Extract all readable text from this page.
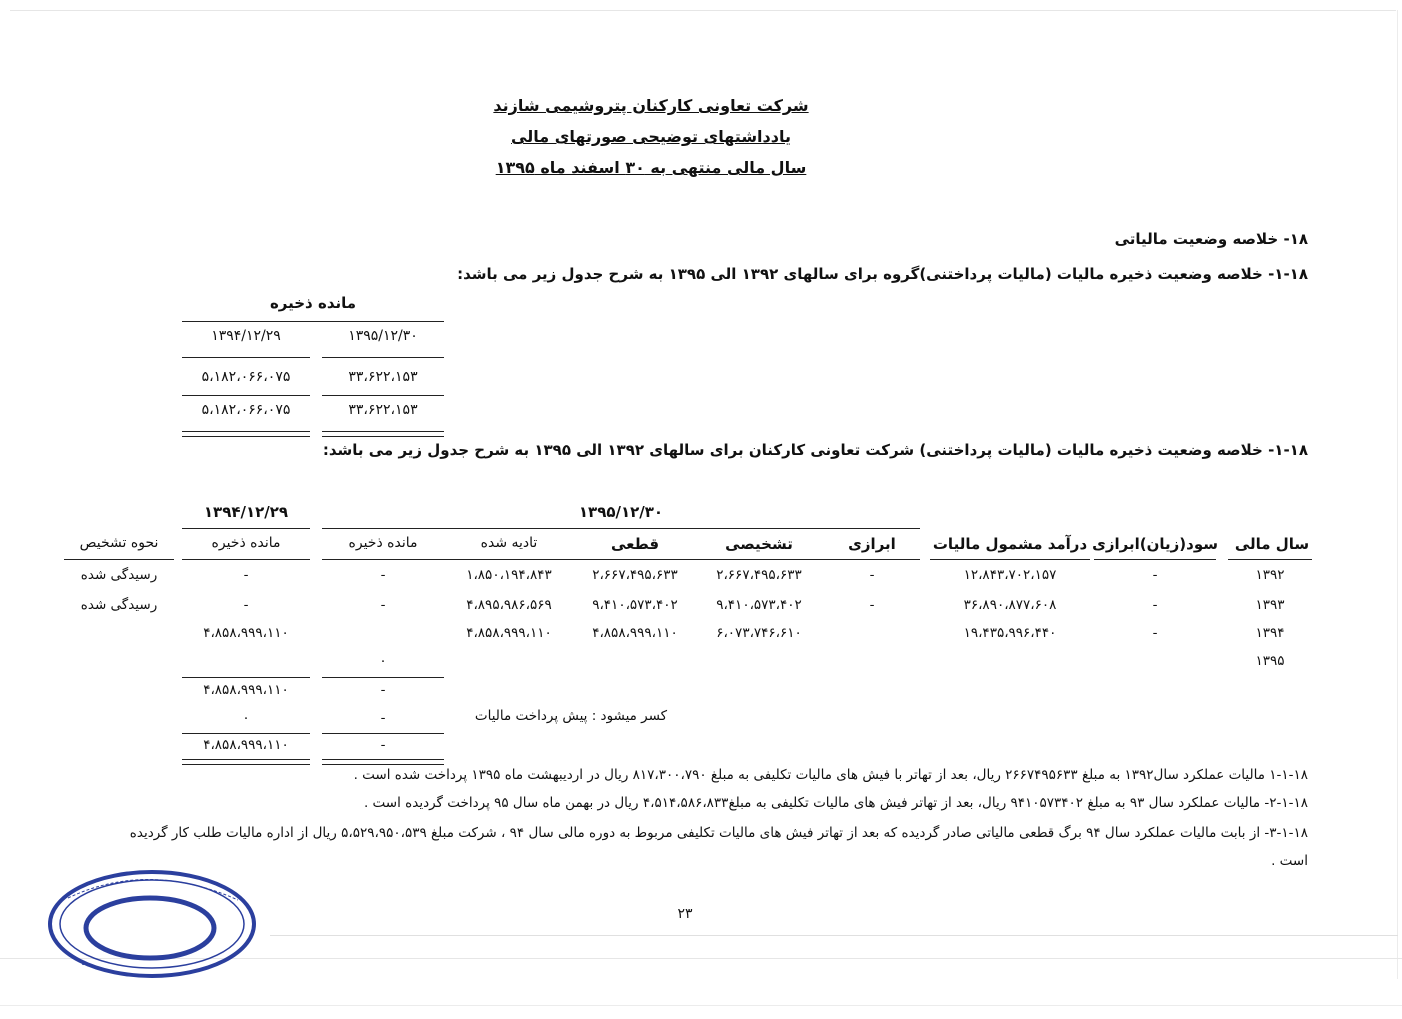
شرکت تعاونی کارکنان پتروشیمی شازند
یادداشتهای توضیحی صورتهای مالی
سال مالی منتهی به ۳۰ اسفند ماه ۱۳۹۵
۱۸- خلاصه وضعیت مالیاتی
۱-۱۸- خلاصه وضعیت ذخیره مالیات (مالیات پرداختنی)گروه برای سالهای ۱۳۹۲ الی ۱۳۹۵ به شرح جدول زیر می باشد:
مانده ذخیره
۱۳۹۵/۱۲/۳۰
۱۳۹۴/۱۲/۲۹
۳۳،۶۲۲،۱۵۳
۵،۱۸۲،۰۶۶،۰۷۵
۳۳،۶۲۲،۱۵۳
۵،۱۸۲،۰۶۶،۰۷۵
۱-۱۸- خلاصه وضعیت ذخیره مالیات (مالیات پرداختنی) شرکت تعاونی کارکنان برای سالهای ۱۳۹۲ الی ۱۳۹۵ به شرح جدول زیر می باشد:
۱۳۹۵/۱۲/۳۰
۱۳۹۴/۱۲/۲۹
سال مالی
سود(زیان)ابرازی
درآمد مشمول مالیات
ابرازی
تشخیصی
قطعی
تادیه شده
مانده ذخیره
مانده ذخیره
نحوه تشخیص
۱۳۹۲
-
۱۲،۸۴۳،۷۰۲،۱۵۷
-
۲،۶۶۷،۴۹۵،۶۳۳
۲،۶۶۷،۴۹۵،۶۳۳
۱،۸۵۰،۱۹۴،۸۴۳
-
-
رسیدگی شده
۱۳۹۳
-
۳۶،۸۹۰،۸۷۷،۶۰۸
-
۹،۴۱۰،۵۷۳،۴۰۲
۹،۴۱۰،۵۷۳،۴۰۲
۴،۸۹۵،۹۸۶،۵۶۹
-
-
رسیدگی شده
۱۳۹۴
-
۱۹،۴۳۵،۹۹۶،۴۴۰
۶،۰۷۳،۷۴۶،۶۱۰
۴،۸۵۸،۹۹۹،۱۱۰
۴،۸۵۸،۹۹۹،۱۱۰
۴،۸۵۸،۹۹۹،۱۱۰
۱۳۹۵
۰
-
۴،۸۵۸،۹۹۹،۱۱۰
کسر میشود : پیش پرداخت مالیات
-
۰
-
۴،۸۵۸،۹۹۹،۱۱۰
۱-۱-۱۸ مالیات عملکرد سال۱۳۹۲ به مبلغ ۲۶۶۷۴۹۵۶۳۳ ریال، بعد از تهاتر با فیش های مالیات تکلیفی به مبلغ ۸۱۷،۳۰۰،۷۹۰ ریال در اردیبهشت ماه ۱۳۹۵ پرداخت شده است .
۲-۱-۱۸- مالیات عملکرد سال ۹۳ به مبلغ ۹۴۱۰۵۷۳۴۰۲ ریال، بعد از تهاتر فیش های مالیات تکلیفی به مبلغ۴،۵۱۴،۵۸۶،۸۳۳ ریال در بهمن ماه سال ۹۵ پرداخت گردیده است .
۳-۱-۱۸- از بابت مالیات عملکرد سال ۹۴ برگ قطعی مالیاتی صادر گردیده که بعد از تهاتر فیش های مالیات تکلیفی مربوط به دوره مالی سال ۹۴ ، شرکت مبلغ ۵،۵۲۹،۹۵۰،۵۳۹ ریال از اداره مالیات طلب کار گردیده
است .
۲۳
